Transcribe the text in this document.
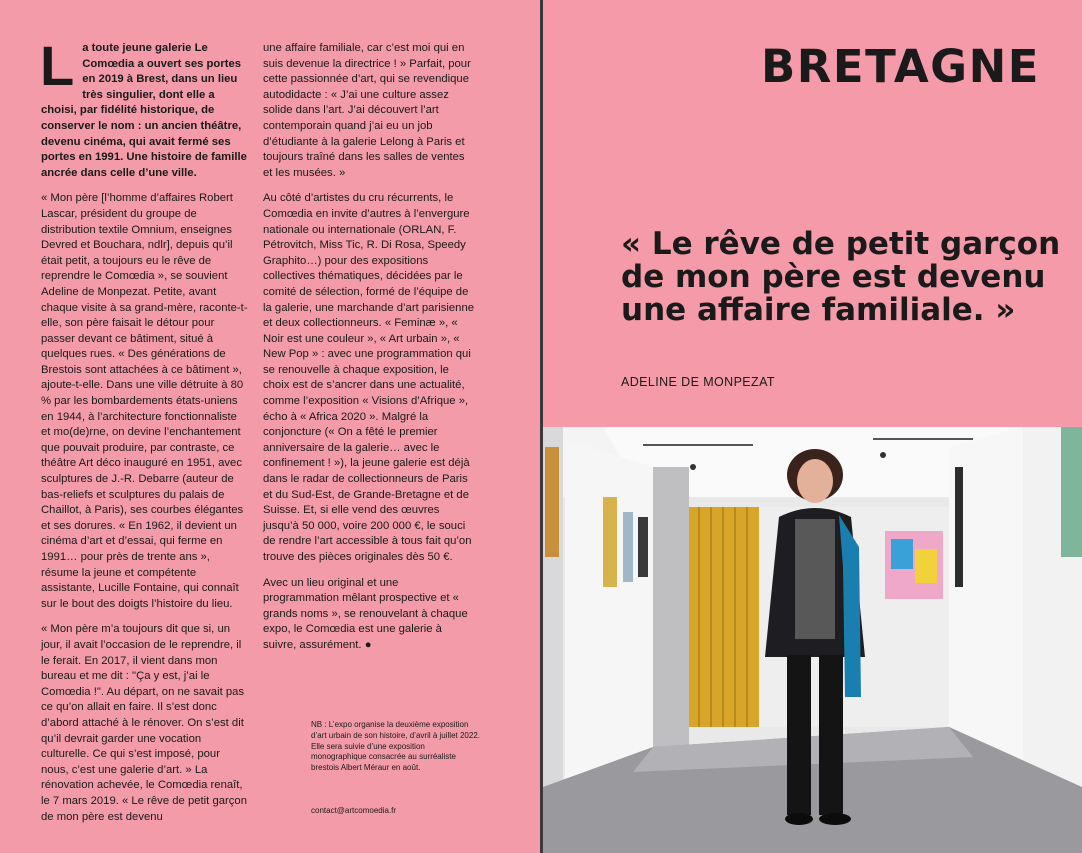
La toute jeune galerie Le Comœdia a ouvert ses portes en 2019 à Brest, dans un lieu très singulier, dont elle a choisi, par fidélité historique, de conserver le nom : un ancien théâtre, devenu cinéma, qui avait fermé ses portes en 1991. Une histoire de famille ancrée dans celle d’une ville.

« Mon père [l’homme d’affaires Robert Lascar, président du groupe de distribution textile Omnium, enseignes Devred et Bouchara, ndlr], depuis qu’il était petit, a toujours eu le rêve de reprendre le Comœdia », se souvient Adeline de Monpezat. Petite, avant chaque visite à sa grand-mère, raconte-t-elle, son père faisait le détour pour passer devant ce bâtiment, situé à quelques rues. « Des générations de Brestois sont attachées à ce bâtiment », ajoute-t-elle. Dans une ville détruite à 80 % par les bombardements états-uniens en 1944, à l’architecture fonctionnaliste et mo(de)rne, on devine l’enchantement que pouvait produire, par contraste, ce théâtre Art déco inauguré en 1951, avec sculptures de J.-R. Debarre (auteur de bas-reliefs et sculptures du palais de Chaillot, à Paris), ses courbes élégantes et ses dorures. « En 1962, il devient un cinéma d’art et d’essai, qui ferme en 1991… pour près de trente ans », résume la jeune et compétente assistante, Lucille Fontaine, qui connaît sur le bout des doigts l’histoire du lieu.

« Mon père m’a toujours dit que si, un jour, il avait l’occasion de le reprendre, il le ferait. En 2017, il vient dans mon bureau et me dit : "Ça y est, j’ai le Comœdia !". Au départ, on ne savait pas ce qu’on allait en faire. Il s’est donc d’abord attaché à le rénover. On s’est dit qu’il devrait garder une vocation culturelle. Ce qui s’est imposé, pour nous, c’est une galerie d’art. » La rénovation achevée, le Comœdia renaît, le 7 mars 2019. « Le rêve de petit garçon de mon père est devenu

une affaire familiale, car c’est moi qui en suis devenue la directrice ! » Parfait, pour cette passionnée d’art, qui se revendique autodidacte : « J’ai une culture assez solide dans l’art. J’ai découvert l’art contemporain quand j’ai eu un job d’étudiante à la galerie Lelong à Paris et toujours traîné dans les salles de ventes et les musées. »

Au côté d’artistes du cru récurrents, le Comœdia en invite d’autres à l’envergure nationale ou internationale (ORLAN, F. Pétrovitch, Miss Tic, R. Di Rosa, Speedy Graphito…) pour des expositions collectives thématiques, décidées par le comité de sélection, formé de l’équipe de la galerie, une marchande d’art parisienne et deux collectionneurs. « Feminæ », « Noir est une couleur », « Art urbain », « New Pop » : avec une programmation qui se renouvelle à chaque exposition, le choix est de s’ancrer dans une actualité, comme l’exposition « Visions d’Afrique », écho à « Africa 2020 ». Malgré la conjoncture (« On a fêté le premier anniversaire de la galerie… avec le confinement ! »), la jeune galerie est déjà dans le radar de collectionneurs de Paris et du Sud-Est, de Grande-Bretagne et de Suisse. Et, si elle vend des œuvres jusqu’à 50 000, voire 200 000 €, le souci de rendre l’art accessible à tous fait qu’on trouve des pièces originales dès 50 €.

Avec un lieu original et une programmation mêlant prospective et « grands noms », se renouvelant à chaque expo, le Comœdia est une galerie à suivre, assurément. ●

NB : L’expo organise la deuxième exposition d’art urbain de son histoire, d’avril à juillet 2022. Elle sera suivie d’une exposition monographique consacrée au surréaliste brestois Albert Méraur en août.
contact@artcomoedia.fr
BRETAGNE
« Le rêve de petit garçon de mon père est devenu une affaire familiale. »
ADELINE DE MONPEZAT
